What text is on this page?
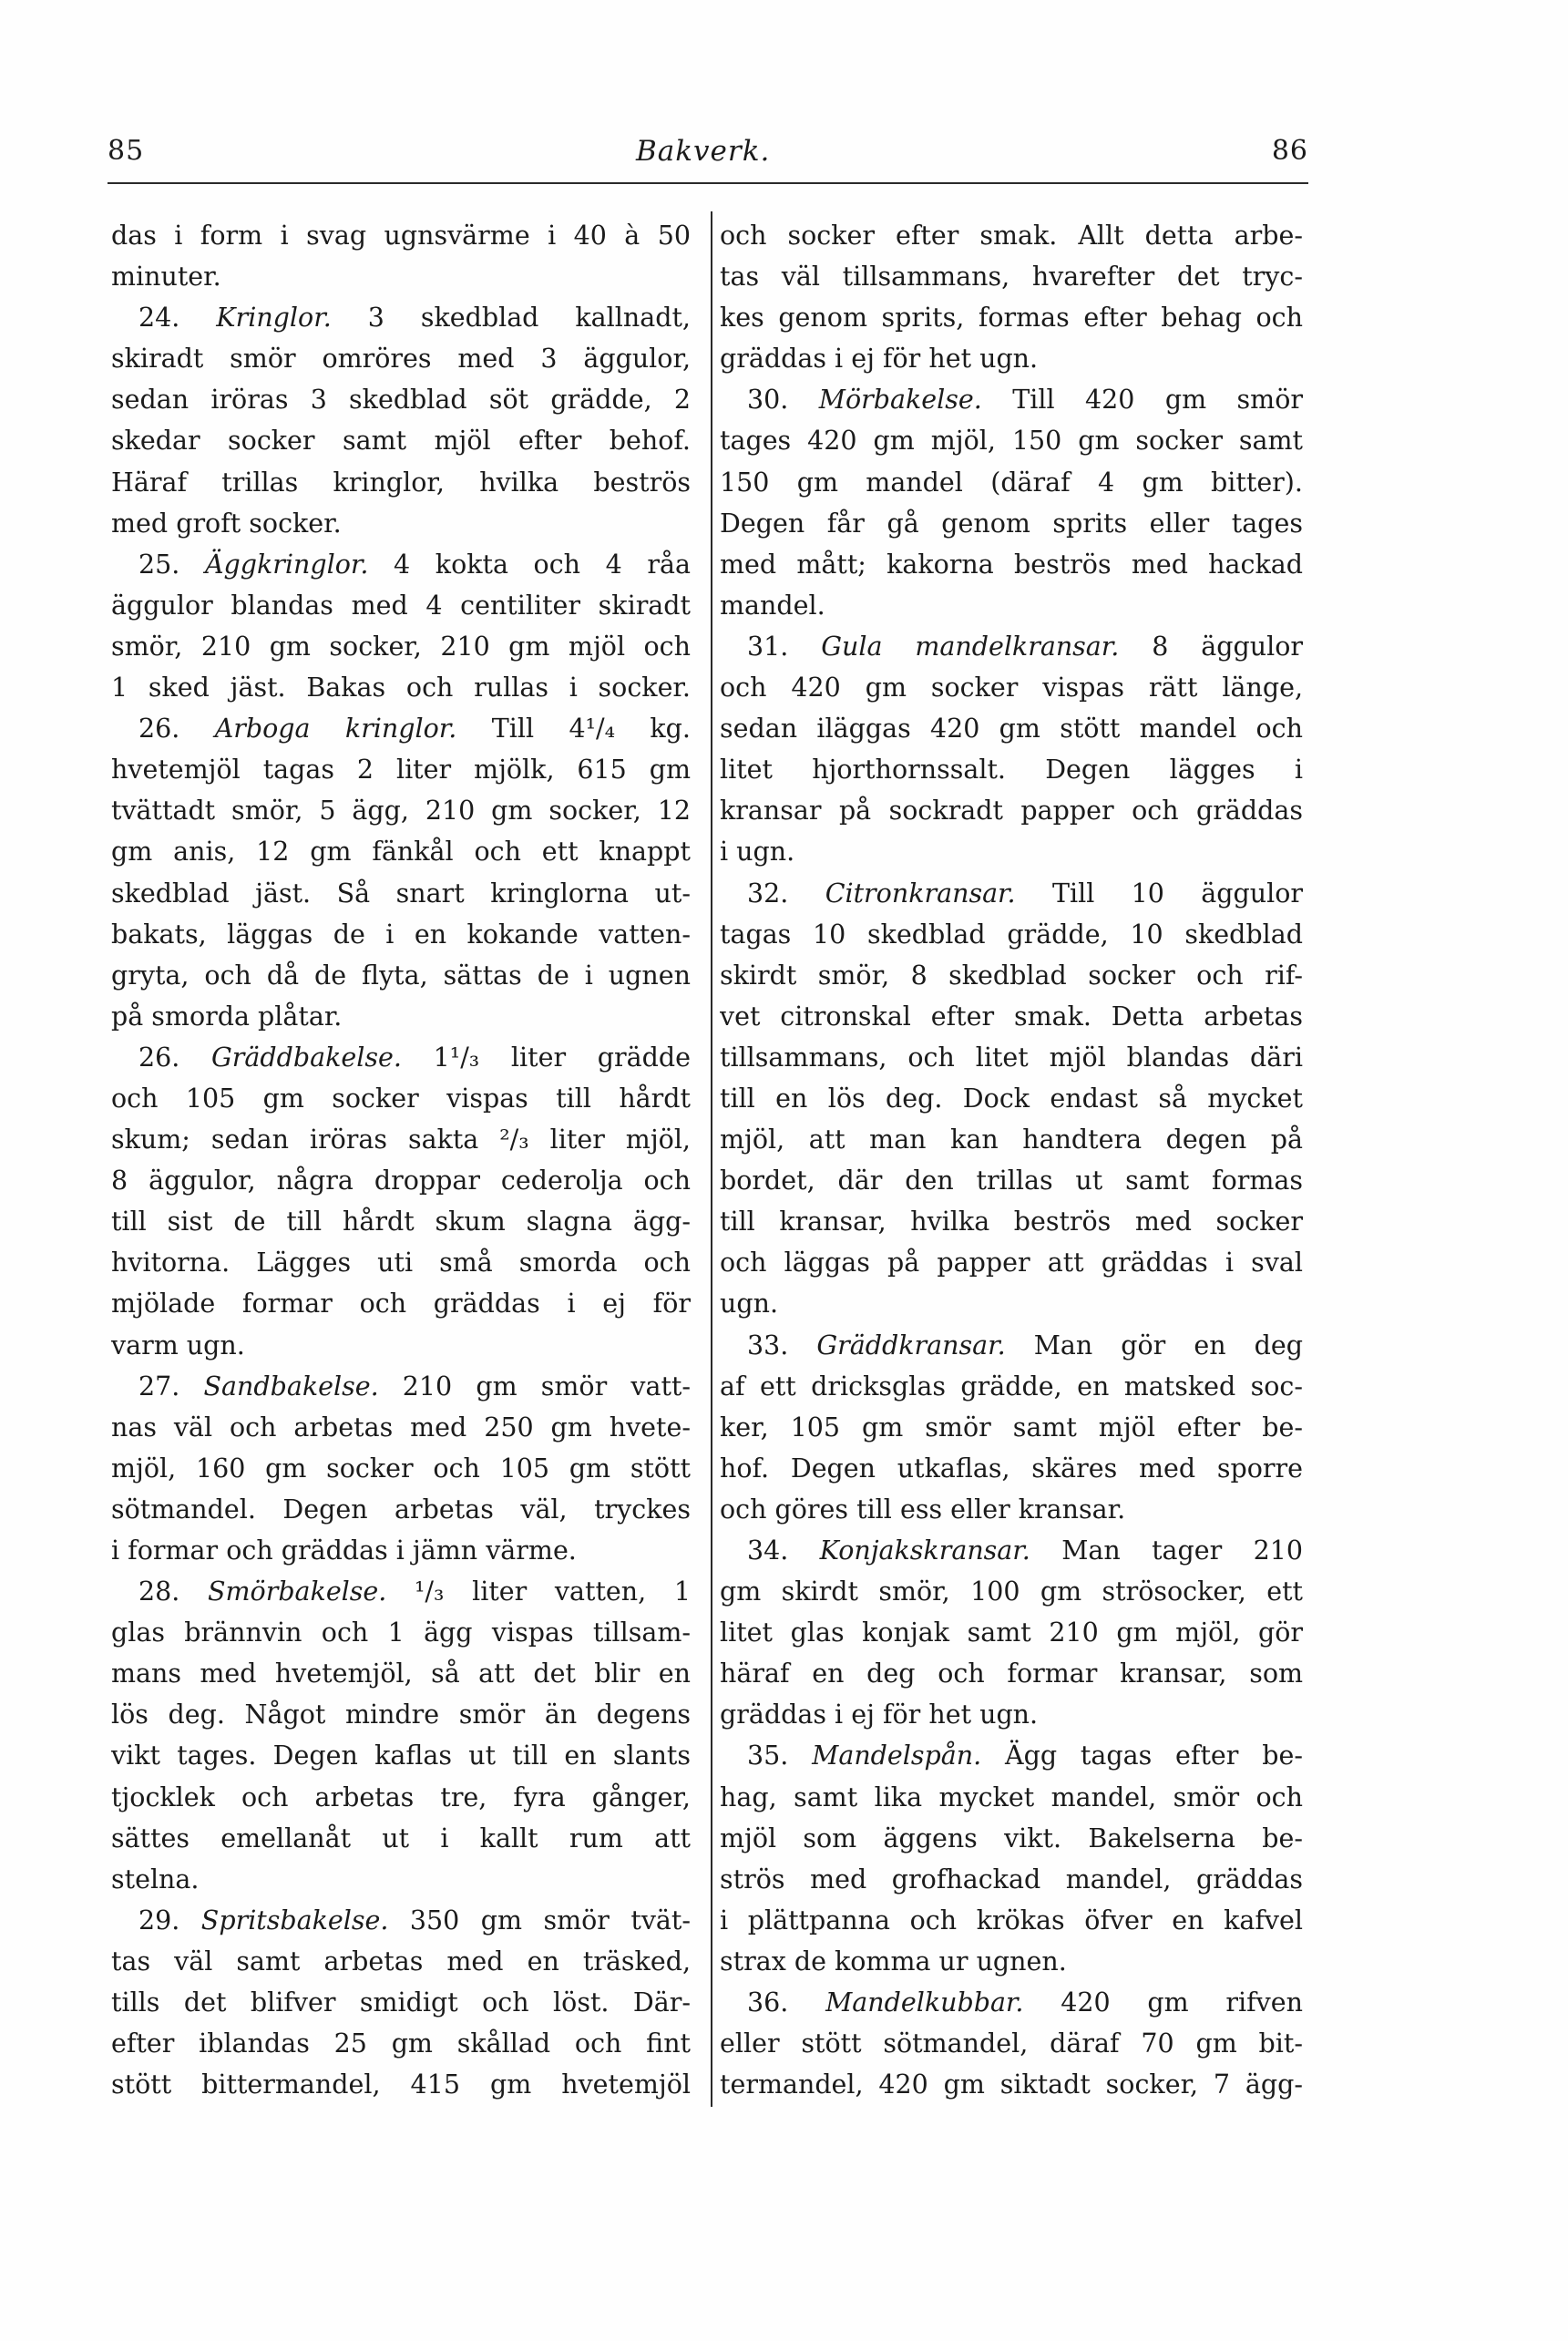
85	Bakverk.	86
das i form i svag ugnsvärme i 40 à 50
minuter.
24. Kringlor. 3 skedblad kallnadt,
skiradt smör omröres med 3 äggulor,
sedan iröras 3 skedblad söt grädde, 2
skedar socker samt mjöl efter behof.
Häraf trillas kringlor, hvilka beströs
med groft socker.
25. Äggkringlor. 4 kokta och 4 råa
äggulor blandas med 4 centiliter skiradt
smör, 210 gm socker, 210 gm mjöl och
1 sked jäst. Bakas och rullas i socker.
26. Arboga kringlor. Till 4¹/₄ kg.
hvetemjöl tagas 2 liter mjölk, 615 gm
tvättadt smör, 5 ägg, 210 gm socker, 12
gm anis, 12 gm fänkål och ett knappt
skedblad jäst. Så snart kringlorna ut-
bakats, läggas de i en kokande vatten-
gryta, och då de flyta, sättas de i ugnen
på smorda plåtar.
26. Gräddbakelse. 1¹/₃ liter grädde
och 105 gm socker vispas till hårdt
skum; sedan iröras sakta ²/₃ liter mjöl,
8 äggulor, några droppar cederolja och
till sist de till hårdt skum slagna ägg-
hvitorna. Lägges uti små smorda och
mjölade formar och gräddas i ej för
varm ugn.
27. Sandbakelse. 210 gm smör vatt-
nas väl och arbetas med 250 gm hvete-
mjöl, 160 gm socker och 105 gm stött
sötmandel. Degen arbetas väl, tryckes
i formar och gräddas i jämn värme.
28. Smörbakelse. ¹/₃ liter vatten, 1
glas brännvin och 1 ägg vispas tillsam-
mans med hvetemjöl, så att det blir en
lös deg. Något mindre smör än degens
vikt tages. Degen kaflas ut till en slants
tjocklek och arbetas tre, fyra gånger,
sättes emellanåt ut i kallt rum att
stelna.
29. Spritsbakelse. 350 gm smör tvät-
tas väl samt arbetas med en träsked,
tills det blifver smidigt och löst. Där-
efter iblandas 25 gm skållad och fint
stött bittermandel, 415 gm hvetemjöl
och socker efter smak. Allt detta arbe-
tas väl tillsammans, hvarefter det tryc-
kes genom sprits, formas efter behag och
gräddas i ej för het ugn.
30. Mörbakelse. Till 420 gm smör
tages 420 gm mjöl, 150 gm socker samt
150 gm mandel (däraf 4 gm bitter).
Degen får gå genom sprits eller tages
med mått; kakorna beströs med hackad
mandel.
31. Gula mandelkransar. 8 äggulor
och 420 gm socker vispas rätt länge,
sedan iläggas 420 gm stött mandel och
litet hjorthornssalt. Degen lägges i
kransar på sockradt papper och gräddas
i ugn.
32. Citronkransar. Till 10 äggulor
tagas 10 skedblad grädde, 10 skedblad
skirdt smör, 8 skedblad socker och rif-
vet citronskal efter smak. Detta arbetas
tillsammans, och litet mjöl blandas däri
till en lös deg. Dock endast så mycket
mjöl, att man kan handtera degen på
bordet, där den trillas ut samt formas
till kransar, hvilka beströs med socker
och läggas på papper att gräddas i sval
ugn.
33. Gräddkransar. Man gör en deg
af ett dricksglas grädde, en matsked soc-
ker, 105 gm smör samt mjöl efter be-
hof. Degen utkaflas, skäres med sporre
och göres till ess eller kransar.
34. Konjakskransar. Man tager 210
gm skirdt smör, 100 gm strösocker, ett
litet glas konjak samt 210 gm mjöl, gör
häraf en deg och formar kransar, som
gräddas i ej för het ugn.
35. Mandelspån. Ägg tagas efter be-
hag, samt lika mycket mandel, smör och
mjöl som äggens vikt. Bakelserna be-
strös med grofhackad mandel, gräddas
i plättpanna och krökas öfver en kafvel
strax de komma ur ugnen.
36. Mandelkubbar. 420 gm rifven
eller stött sötmandel, däraf 70 gm bit-
termandel, 420 gm siktadt socker, 7 ägg-
